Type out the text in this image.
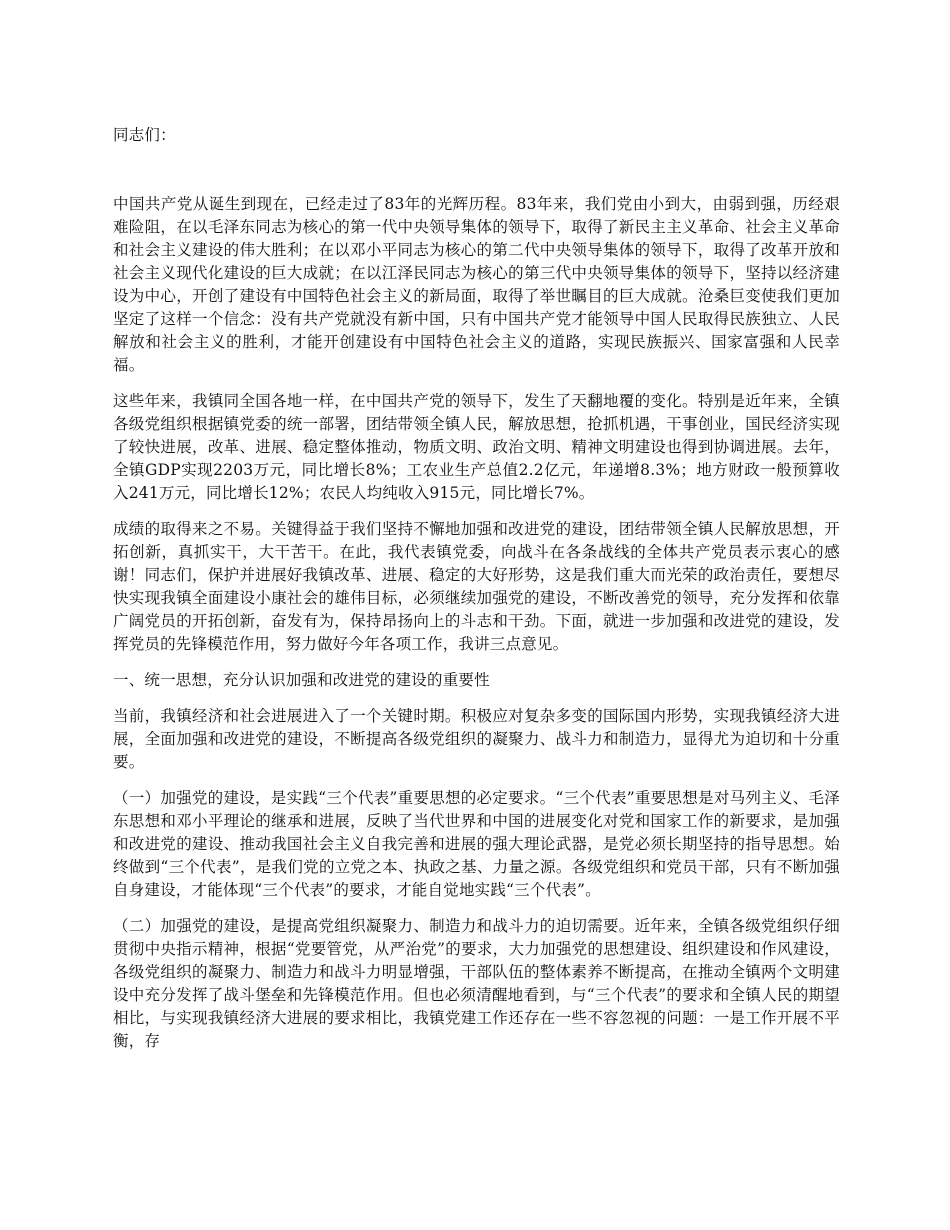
同志们：

中国共产党从诞生到现在，已经走过了83年的光辉历程。83年来，我们党由小到大，由弱到强，历经艰难险阻，在以毛泽东同志为核心的第一代中央领导集体的领导下，取得了新民主主义革命、社会主义革命和社会主义建设的伟大胜利；在以邓小平同志为核心的第二代中央领导集体的领导下，取得了改革开放和社会主义现代化建设的巨大成就；在以江泽民同志为核心的第三代中央领导集体的领导下，坚持以经济建设为中心，开创了建设有中国特色社会主义的新局面，取得了举世瞩目的巨大成就。沧桑巨变使我们更加坚定了这样一个信念：没有共产党就没有新中国，只有中国共产党才能领导中国人民取得民族独立、人民解放和社会主义的胜利，才能开创建设有中国特色社会主义的道路，实现民族振兴、国家富强和人民幸福。

这些年来，我镇同全国各地一样，在中国共产党的领导下，发生了天翻地覆的变化。特别是近年来，全镇各级党组织根据镇党委的统一部署，团结带领全镇人民，解放思想，抢抓机遇，干事创业，国民经济实现了较快进展，改革、进展、稳定整体推动，物质文明、政治文明、精神文明建设也得到协调进展。去年，全镇GDP实现2203万元，同比增长8%；工农业生产总值2.2亿元，年递增8.3%；地方财政一般预算收入241万元，同比增长12%；农民人均纯收入915元，同比增长7%。

成绩的取得来之不易。关键得益于我们坚持不懈地加强和改进党的建设，团结带领全镇人民解放思想，开拓创新，真抓实干，大干苦干。在此，我代表镇党委，向战斗在各条战线的全体共产党员表示衷心的感谢！同志们，保护并进展好我镇改革、进展、稳定的大好形势，这是我们重大而光荣的政治责任，要想尽快实现我镇全面建设小康社会的雄伟目标，必须继续加强党的建设，不断改善党的领导，充分发挥和依靠广阔党员的开拓创新，奋发有为，保持昂扬向上的斗志和干劲。下面，就进一步加强和改进党的建设，发挥党员的先锋模范作用，努力做好今年各项工作，我讲三点意见。

一、统一思想，充分认识加强和改进党的建设的重要性

当前，我镇经济和社会进展进入了一个关键时期。积极应对复杂多变的国际国内形势，实现我镇经济大进展，全面加强和改进党的建设，不断提高各级党组织的凝聚力、战斗力和制造力，显得尤为迫切和十分重要。

（一）加强党的建设，是实践“三个代表”重要思想的必定要求。“三个代表”重要思想是对马列主义、毛泽东思想和邓小平理论的继承和进展，反映了当代世界和中国的进展变化对党和国家工作的新要求，是加强和改进党的建设、推动我国社会主义自我完善和进展的强大理论武器，是党必须长期坚持的指导思想。始终做到“三个代表”，是我们党的立党之本、执政之基、力量之源。各级党组织和党员干部，只有不断加强自身建设，才能体现“三个代表”的要求，才能自觉地实践“三个代表”。

（二）加强党的建设，是提高党组织凝聚力、制造力和战斗力的迫切需要。近年来，全镇各级党组织仔细贯彻中央指示精神，根据“党要管党，从严治党”的要求，大力加强党的思想建设、组织建设和作风建设，各级党组织的凝聚力、制造力和战斗力明显增强，干部队伍的整体素养不断提高，在推动全镇两个文明建设中充分发挥了战斗堡垒和先锋模范作用。但也必须清醒地看到，与“三个代表”的要求和全镇人民的期望相比，与实现我镇经济大进展的要求相比，我镇党建工作还存在一些不容忽视的问题：一是工作开展不平衡，存
